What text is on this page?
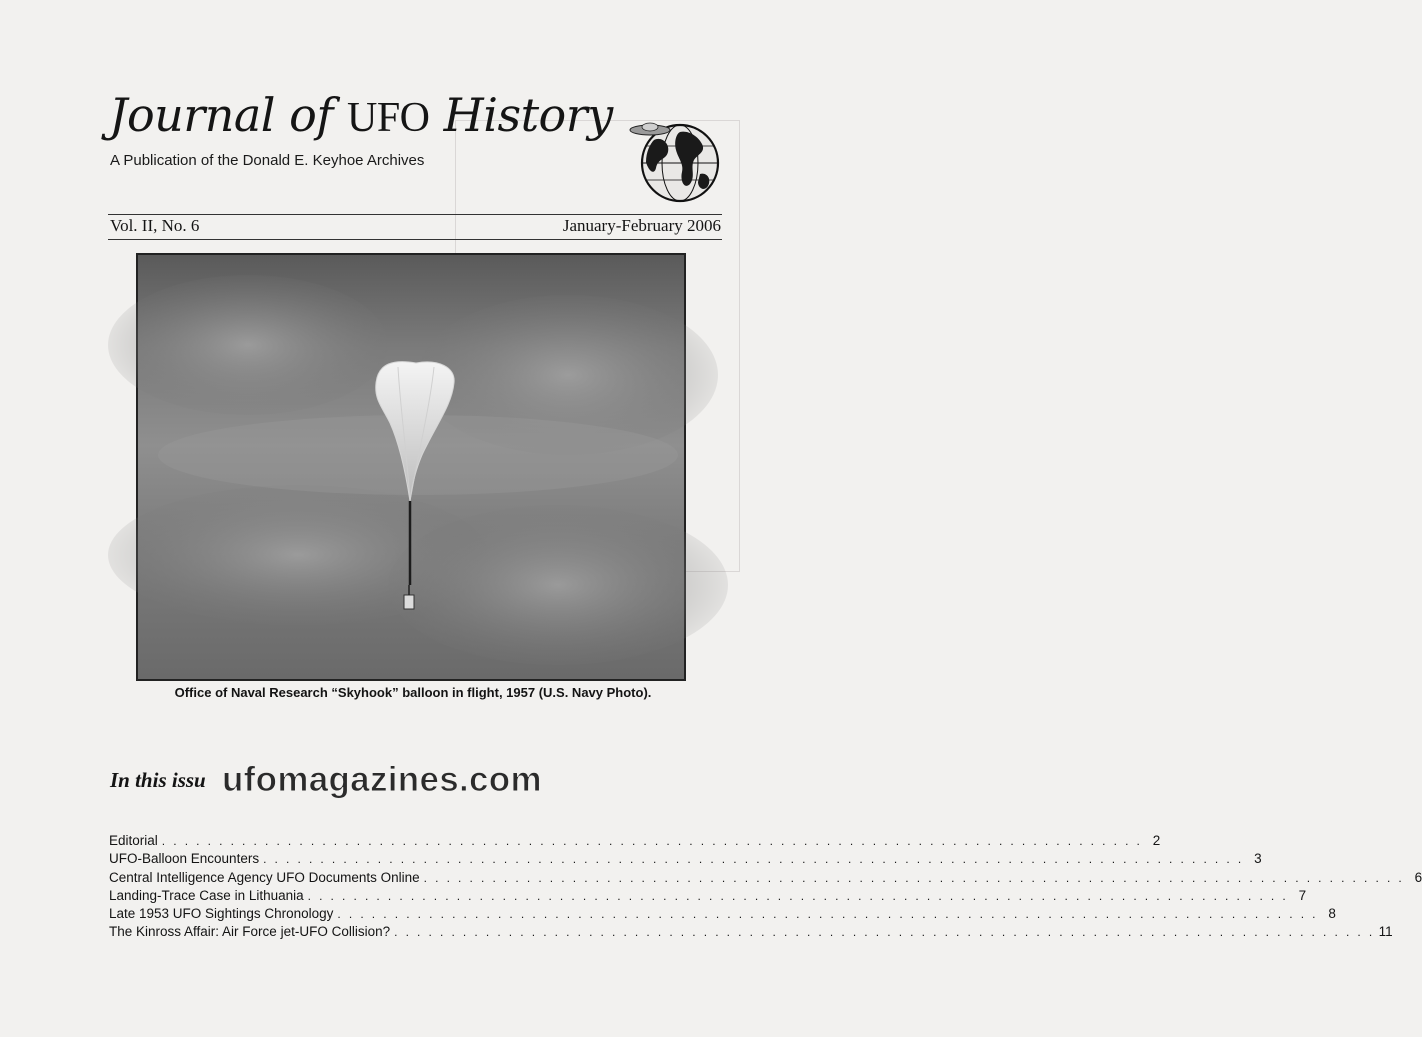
Journal of UFO History
A Publication of the Donald E. Keyhoe Archives
Vol. II, No. 6	January-February 2006
Office of Naval Research “Skyhook” balloon in flight, 1957 (U.S. Navy Photo).
In this issu ufomagazines.com
Editorial . . . . . . . . . . . . . . . . . . . . . . . . . . . . . . . . . . . . . . . . . . . . . . . . . . . . . . . . . . . . . . . . . . . . . . . . . . . . . . . . . . . . . . 2
UFO-Balloon Encounters . . . . . . . . . . . . . . . . . . . . . . . . . . . . . . . . . . . . . . . . . . . . . . . . . . . . . . . . . . . . . . . . . . . . . . . . . . . . . . . . . . . . . . 3
Central Intelligence Agency UFO Documents Online . . . . . . . . . . . . . . . . . . . . . . . . . . . . . . . . . . . . . . . . . . . . . . . . . . . . . . . . . . . . . . . . . . . . . . . . . . . . . . . . . . . . . . 6
Landing-Trace Case in Lithuania . . . . . . . . . . . . . . . . . . . . . . . . . . . . . . . . . . . . . . . . . . . . . . . . . . . . . . . . . . . . . . . . . . . . . . . . . . . . . . . . . . . . . . 7
Late 1953 UFO Sightings Chronology . . . . . . . . . . . . . . . . . . . . . . . . . . . . . . . . . . . . . . . . . . . . . . . . . . . . . . . . . . . . . . . . . . . . . . . . . . . . . . . . . . . . . . 8
The Kinross Affair: Air Force jet-UFO Collision? . . . . . . . . . . . . . . . . . . . . . . . . . . . . . . . . . . . . . . . . . . . . . . . . . . . . . . . . . . . . . . . . . . . . . . . . . . . . . . . . . . . . . . 11
